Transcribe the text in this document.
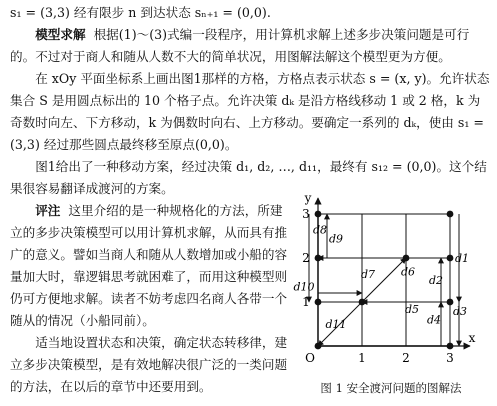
s₁ = (3,3) 经有限步 n 到达状态 sₙ₊₁ = (0,0).

模型求解 根据(1)～(3)式编一段程序，用计算机求解上述多步决策问题是可行的。不过对于商人和随从人数不大的简单状况，用图解法解这个模型更为方便。

在 xOy 平面坐标系上画出图1那样的方格，方格点表示状态 s = (x, y)。允许状态集合 S 是用圆点标出的 10 个格子点。允许决策 dₖ 是沿方格线移动 1 或 2 格，k 为奇数时向左、下方移动，k 为偶数时向右、上方移动。要确定一系列的 dₖ，使由 s₁ = (3,3) 经过那些圆点最终移至原点(0,0)。

图1给出了一种移动方案，经过决策 d₁, d₂, …, d₁₁，最终有 s₁₂ = (0,0)。这个结果很容易翻译成渡河的方案。

评注 这里介绍的是一种规格化的方法，所建立的多步决策模型可以用计算机求解，从而具有推广的意义。譬如当商人和随从人数增加或小船的容量加大时，靠逻辑思考就困难了，而用这种模型则仍可方便地求解。读者不妨考虑四名商人各带一个随从的情况（小船同前）。

适当地设置状态和决策，确定状态转移律，建立多步决策模型，是有效地解决很广泛的一类问题的方法，在以后的章节中还要用到。

y
x
O	1	2	3
1
2
3
d1
d2
d3
d4
d5
d6
d7
d8
d9
d10
d11
图 1 安全渡河问题的图解法
